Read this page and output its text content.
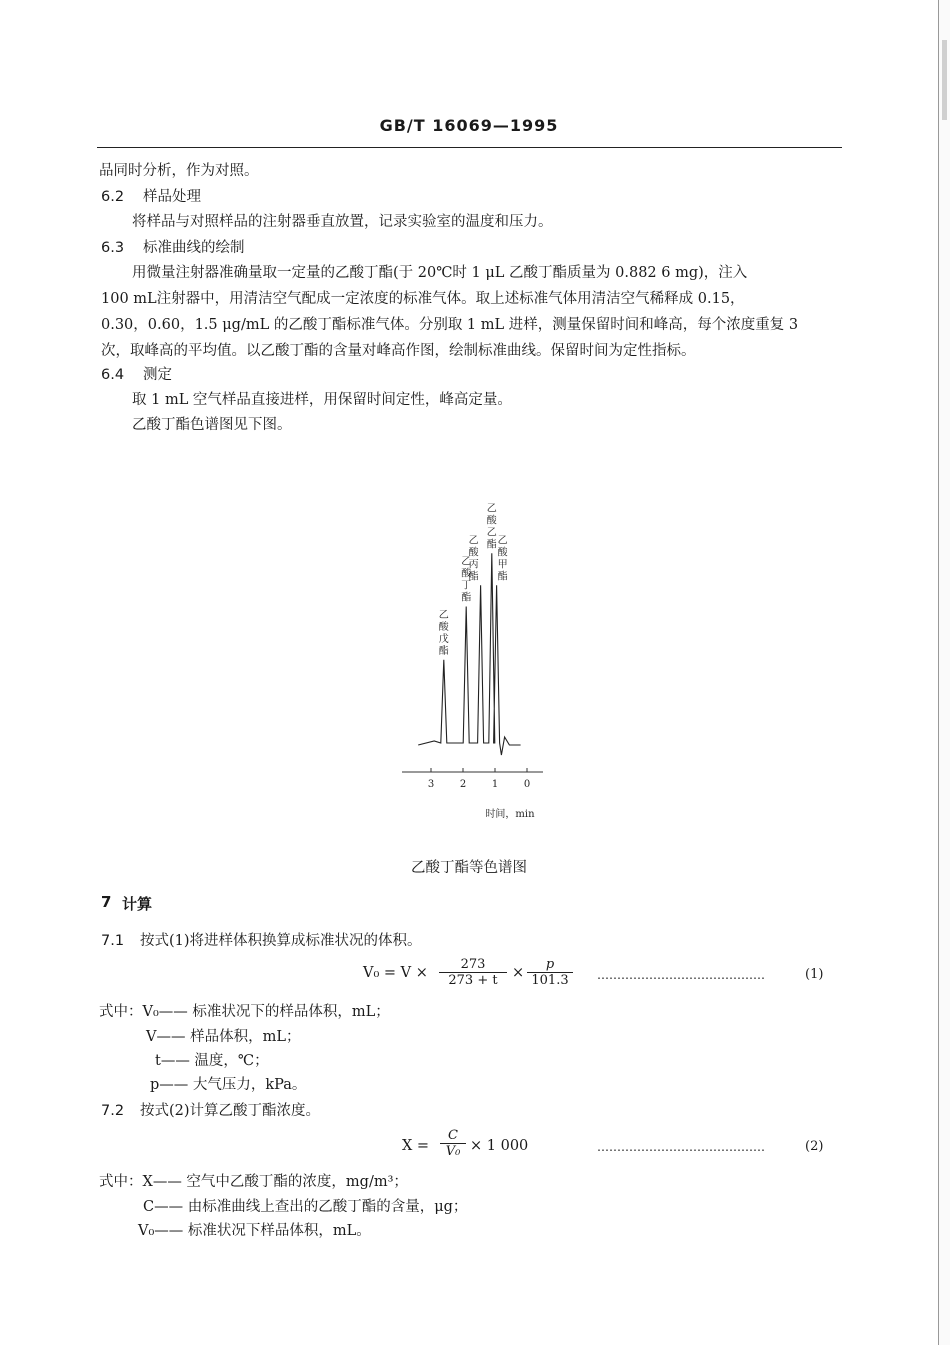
GB/T 16069—1995
品同时分析，作为对照。
6.2 样品处理
将样品与对照样品的注射器垂直放置，记录实验室的温度和压力。
6.3 标准曲线的绘制
用微量注射器准确量取一定量的乙酸丁酯(于 20℃时 1 μL 乙酸丁酯质量为 0.882 6 mg)，注入
100 mL注射器中，用清洁空气配成一定浓度的标准气体。取上述标准气体用清洁空气稀释成 0.15，
0.30，0.60，1.5 μg/mL 的乙酸丁酯标准气体。分别取 1 mL 进样，测量保留时间和峰高，每个浓度重复 3
次，取峰高的平均值。以乙酸丁酯的含量对峰高作图，绘制标准曲线。保留时间为定性指标。
6.4 测定
取 1 mL 空气样品直接进样，用保留时间定性，峰高定量。
乙酸丁酯色谱图见下图。
3	2	1	0
乙酸戊酯
乙酸丁酯
乙酸丙酯
乙酸乙酯 乙酸甲酯
时间，min
乙酸丁酯等色谱图
7 计算
7.1 按式(1)将进样体积换算成标准状况的体积。
$V_0 = V \times \frac{273}{273 + t} \times \frac{p}{101.3}$ ……………………………………	(1)
式中：V₀—— 标准状况下的样品体积，mL；
V—— 样品体积，mL；
t—— 温度，℃；
p—— 大气压力，kPa。
7.2 按式(2)计算乙酸丁酯浓度。
$X = \frac{C}{\text{V₀}} \times 1$ 000	……………………………………	(2)
式中：X—— 空气中乙酸丁酯的浓度，mg/m³；
C—— 由标准曲线上查出的乙酸丁酯的含量，μg；
V₀—— 标准状况下样品体积，mL。
